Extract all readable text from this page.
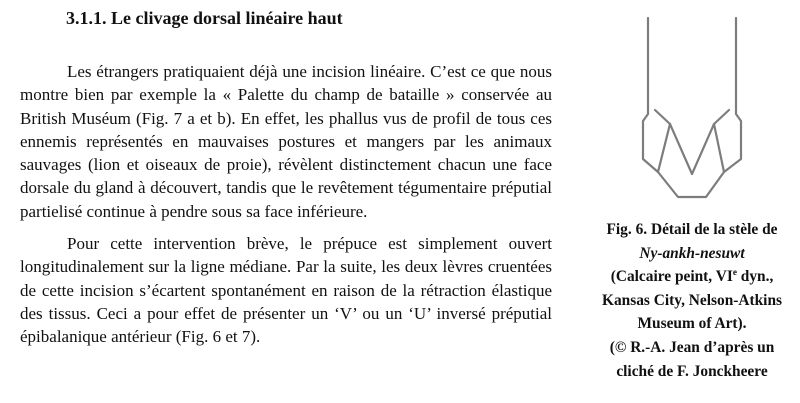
3.1.1. Le clivage dorsal linéaire haut

Les étrangers pratiquaient déjà une incision linéaire. C’est ce que nous montre bien par exemple la « Palette du champ de bataille » conservée au British Muséum (Fig. 7 a et b). En effet, les phallus vus de profil de tous ces ennemis représentés en mauvaises postures et mangers par les animaux sauvages (lion et oiseaux de proie), révèlent distinctement chacun une face dorsale du gland à découvert, tandis que le revêtement tégumentaire préputial partielisé continue à pendre sous sa face inférieure.

Pour cette intervention brève, le prépuce est simplement ouvert longitudinalement sur la ligne médiane. Par la suite, les deux lèvres cruentées de cette incision s’écartent spontanément en raison de la rétraction élastique des tissus. Ceci a pour effet de présenter un ‘V’ ou un ‘U’ inversé préputial épibalanique antérieur (Fig. 6 et 7).

Fig. 6. Détail de la stèle de
Ny-ankh-nesuwt
(Calcaire peint, VIe dyn.,
Kansas City, Nelson-Atkins
Museum of Art).
(© R.-A. Jean d’après un
cliché de F. Jonckheere
